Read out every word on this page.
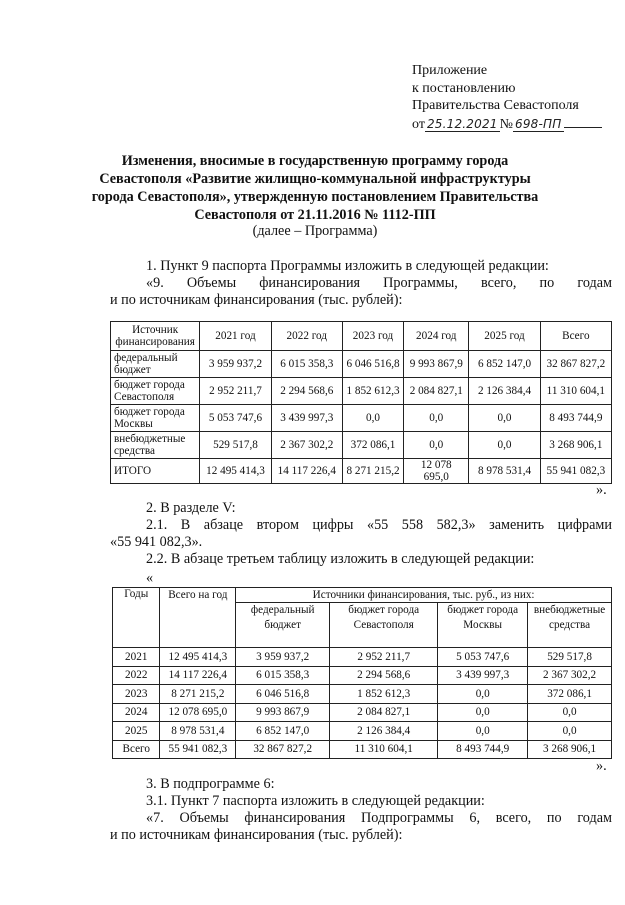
Приложение
к постановлению
Правительства Севастополя
от 25.12.2021 № 698-ПП
Изменения, вносимые в государственную программу города
Севастополя «Развитие жилищно-коммунальной инфраструктуры
города Севастополя», утвержденную постановлением Правительства
Севастополя от 21.11.2016 № 1112-ПП
(далее – Программа)
1. Пункт 9 паспорта Программы изложить в следующей редакции:
«9. Объемы финансирования Программы, всего, по годам
и по источникам финансирования (тыс. рублей):
Источник финансирования	2021 год	2022 год	2023 год	2024 год	2025 год	Всего
федеральный бюджет	3 959 937,2	6 015 358,3	6 046 516,8	9 993 867,9	6 852 147,0	32 867 827,2
бюджет города Севастополя	2 952 211,7	2 294 568,6	1 852 612,3	2 084 827,1	2 126 384,4	11 310 604,1
бюджет города Москвы	5 053 747,6	3 439 997,3	0,0	0,0	0,0	8 493 744,9
внебюджетные средства	529 517,8	2 367 302,2	372 086,1	0,0	0,0	3 268 906,1
ИТОГО	12 495 414,3	14 117 226,4	8 271 215,2	12 078 695,0	8 978 531,4	55 941 082,3
».
2. В разделе V:
2.1. В абзаце втором цифры «55 558 582,3» заменить цифрами
«55 941 082,3».
2.2. В абзаце третьем таблицу изложить в следующей редакции:
«
Годы	Всего на год	Источники финансирования, тыс. руб., из них:			
		федеральный бюджет	бюджет города Севастополя	бюджет города Москвы	внебюджетные средства
2021	12 495 414,3	3 959 937,2	2 952 211,7	5 053 747,6	529 517,8
2022	14 117 226,4	6 015 358,3	2 294 568,6	3 439 997,3	2 367 302,2
2023	8 271 215,2	6 046 516,8	1 852 612,3	0,0	372 086,1
2024	12 078 695,0	9 993 867,9	2 084 827,1	0,0	0,0
2025	8 978 531,4	6 852 147,0	2 126 384,4	0,0	0,0
Всего	55 941 082,3	32 867 827,2	11 310 604,1	8 493 744,9	3 268 906,1
».
3. В подпрограмме 6:
3.1. Пункт 7 паспорта изложить в следующей редакции:
«7. Объемы финансирования Подпрограммы 6, всего, по годам
и по источникам финансирования (тыс. рублей):
